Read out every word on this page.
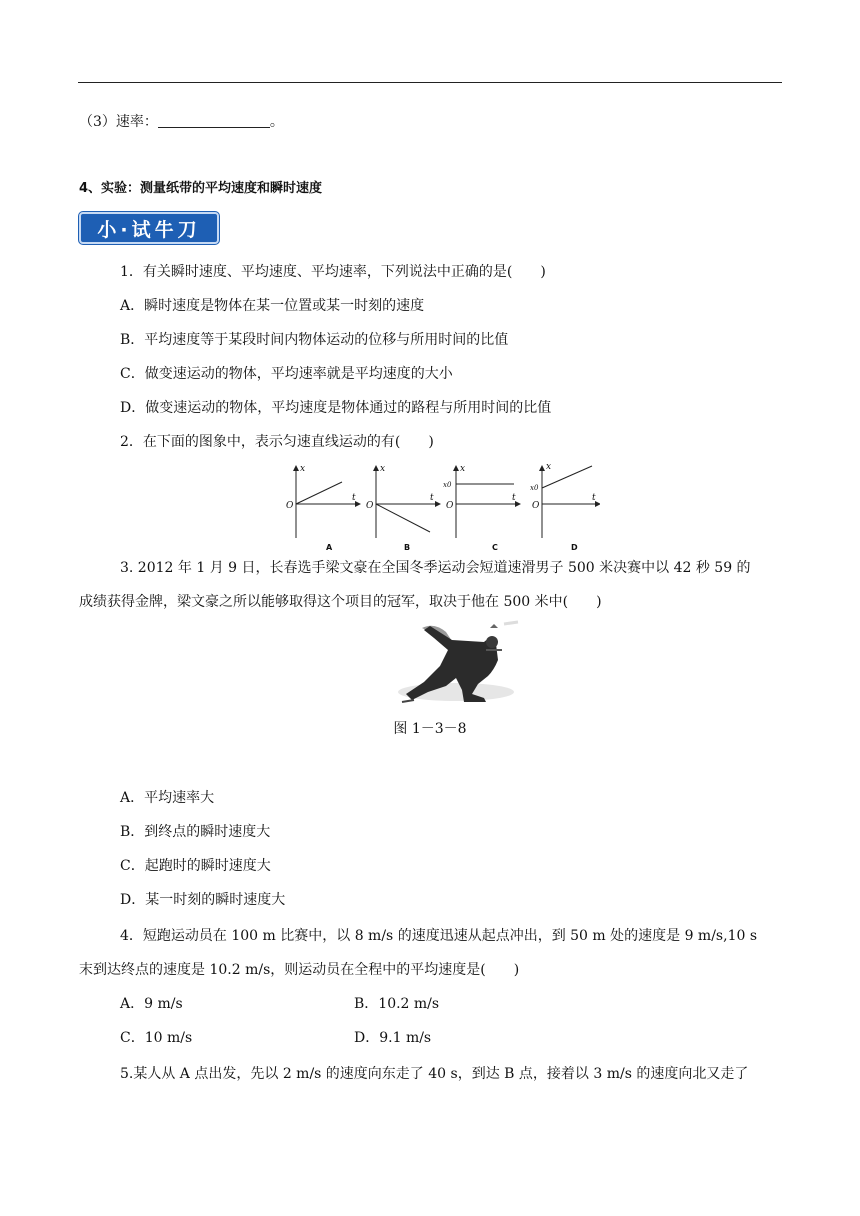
（3）速率：	。
4、实验：测量纸带的平均速度和瞬时速度
小·试牛刀
1．有关瞬时速度、平均速度、平均速率，下列说法中正确的是(　　)
A．瞬时速度是物体在某一位置或某一时刻的速度
B．平均速度等于某段时间内物体运动的位移与所用时间的比值
C．做变速运动的物体，平均速率就是平均速度的大小
D．做变速运动的物体，平均速度是物体通过的路程与所用时间的比值
2．在下面的图象中，表示匀速直线运动的有(　　)
x
t
O
A
x
t
O
B
x
t
O
x0
C
x
t
O
x0
D
3. 2012 年 1 月 9 日，长春选手梁文豪在全国冬季运动会短道速滑男子 500 米决赛中以 42 秒 59 的
成绩获得金牌，梁文豪之所以能够取得这个项目的冠军，取决于他在 500 米中(　　)
图 1－3－8
A．平均速率大
B．到终点的瞬时速度大
C．起跑时的瞬时速度大
D．某一时刻的瞬时速度大
4．短跑运动员在 100 m 比赛中，以 8 m/s 的速度迅速从起点冲出，到 50 m 处的速度是 9 m/s,10 s
末到达终点的速度是 10.2 m/s，则运动员在全程中的平均速度是(　　)
A．9 m/s	B．10.2 m/s
C．10 m/s	D．9.1 m/s
5.某人从 A 点出发，先以 2 m/s 的速度向东走了 40 s，到达 B 点，接着以 3 m/s 的速度向北又走了
